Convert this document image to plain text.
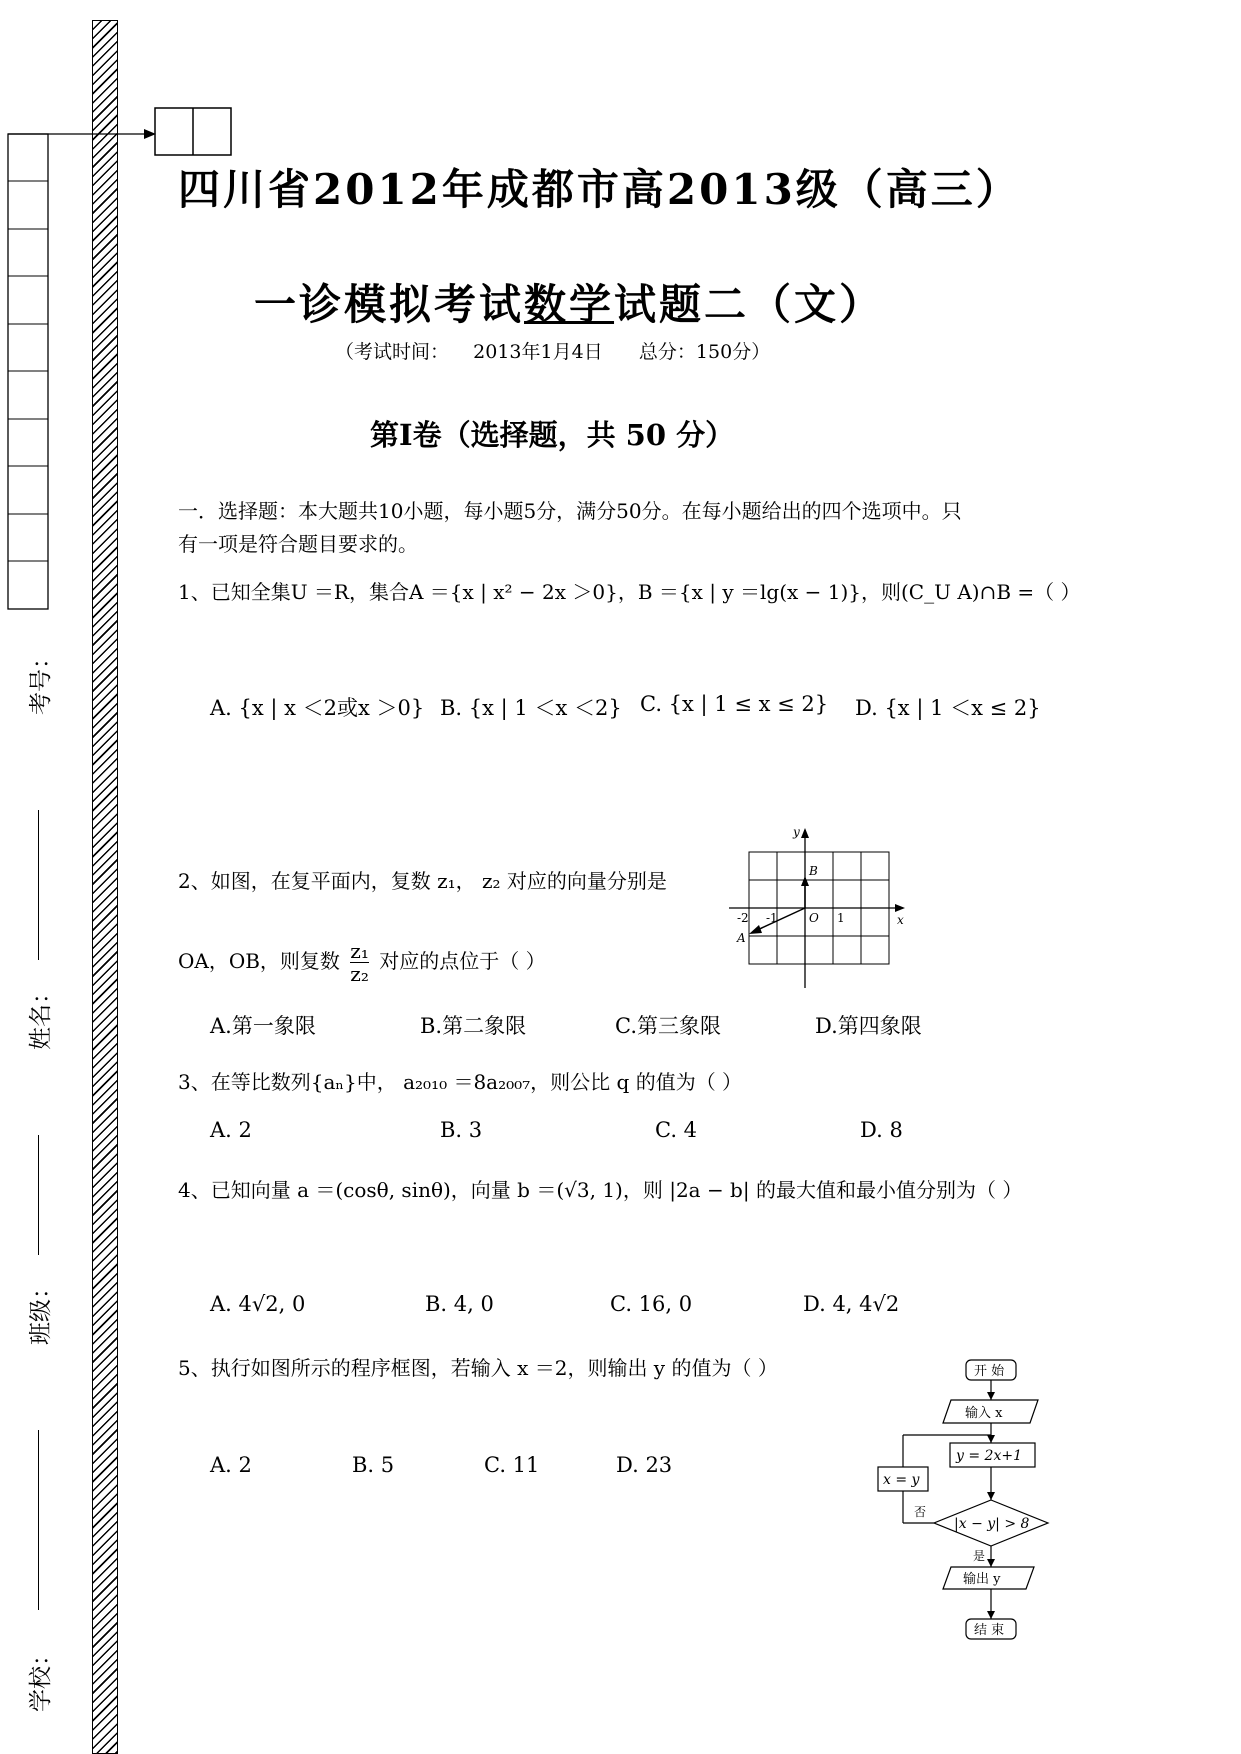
考号：
姓名：
班级：
学校：
四川省2012年成都市高2013级（高三）
一诊模拟考试数学试题二（文）
（考试时间：    2013年1月4日      总分：150分）
第Ⅰ卷（选择题，共 50 分）
一．选择题：本大题共10小题，每小题5分，满分50分。在每小题给出的四个选项中。只
有一项是符合题目要求的。
1、已知全集U ＝R，集合A ＝{x | x² − 2x ＞0}，B ＝{x | y ＝lg(x − 1)}，则(C_U A)∩B =（ ）
A. {x | x ＜2或x ＞0} B. {x | 1 ＜x ＜2} C. {x | 1 ≤ x ≤ 2} D. {x | 1 ＜x ≤ 2}
2、如图，在复平面内，复数 z₁， z₂ 对应的向量分别是
OA，OB，则复数 $\frac{\text{z₁}}{\text{z₂}}$ 对应的点位于（ ）
y
x
B
O
A
-2 -1	1
A.第一象限	B.第二象限	C.第三象限	D.第四象限
3、在等比数列{aₙ}中， a₂₀₁₀ ＝8a₂₀₀₇，则公比 q 的值为（ ）
A. 2	B. 3	C. 4	D. 8
4、已知向量 a ＝(cosθ, sinθ)，向量 b ＝(√3, 1)，则 |2a − b| 的最大值和最小值分别为（ ）
A. 4√2, 0	B. 4, 0	C. 16, 0	D. 4, 4√2
5、执行如图所示的程序框图，若输入 x ＝2，则输出 y 的值为（ ）
A. 2	B. 5	C. 11	D. 23
开 始
输入 x
y = 2x+1
|x − y| > 8
x = y
否
是
输出 y
结 束
